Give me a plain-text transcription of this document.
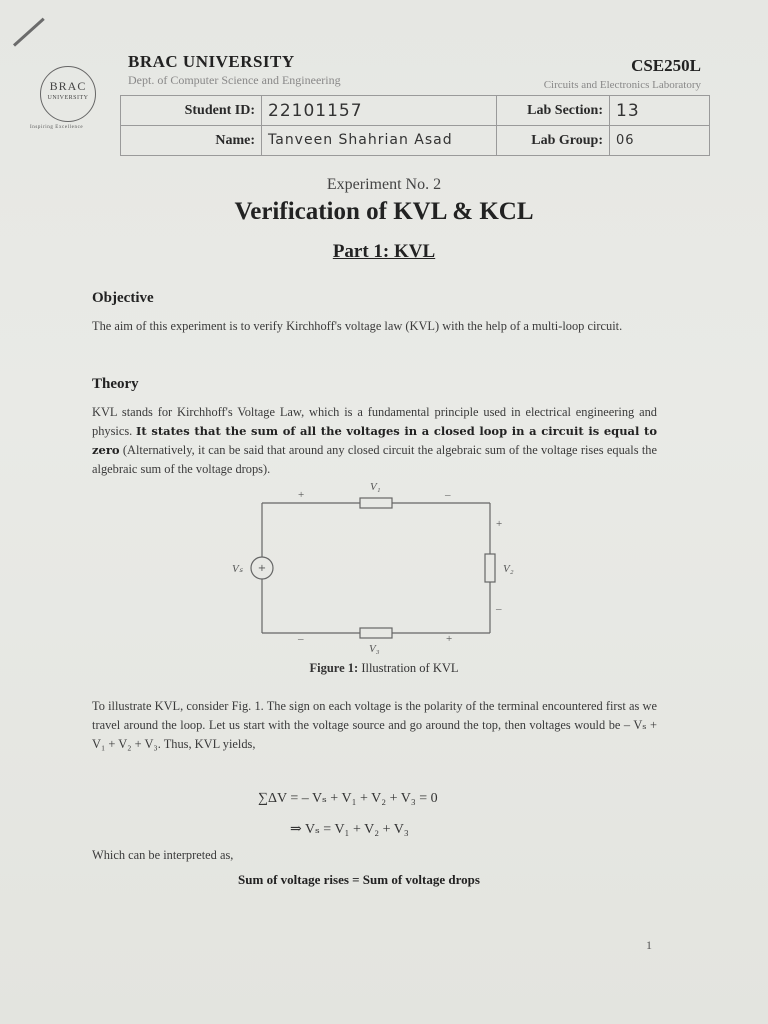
BRAC
UNIVERSITY
Inspiring Excellence
BRAC UNIVERSITY
Dept. of Computer Science and Engineering
CSE250L
Circuits and Electronics Laboratory
Student ID:	22101157	Lab Section:	13
Name:	Tanveen Shahrian Asad	Lab Group:	06
Experiment No. 2
Verification of KVL & KCL
Part 1: KVL
Objective
The aim of this experiment is to verify Kirchhoff's voltage law (KVL) with the help of a multi-loop circuit.
Theory
KVL stands for Kirchhoff's Voltage Law, which is a fundamental principle used in electrical engineering and physics. It states that the sum of all the voltages in a closed loop in a circuit is equal to zero (Alternatively, it can be said that around any closed circuit the algebraic sum of the voltage rises equals the algebraic sum of the voltage drops).
+
V₁
+	–
+
V₂
–
Vₛ
–	+
V₃
Figure 1: Illustration of KVL
To illustrate KVL, consider Fig. 1. The sign on each voltage is the polarity of the terminal encountered first as we travel around the loop. Let us start with the voltage source and go around the top, then voltages would be – Vₛ + V₁ + V₂ + V₃. Thus, KVL yields,
∑ΔV = – Vₛ + V₁ + V₂ + V₃ = 0
⇒ Vₛ = V₁ + V₂ + V₃
Which can be interpreted as,
Sum of voltage rises = Sum of voltage drops
1
